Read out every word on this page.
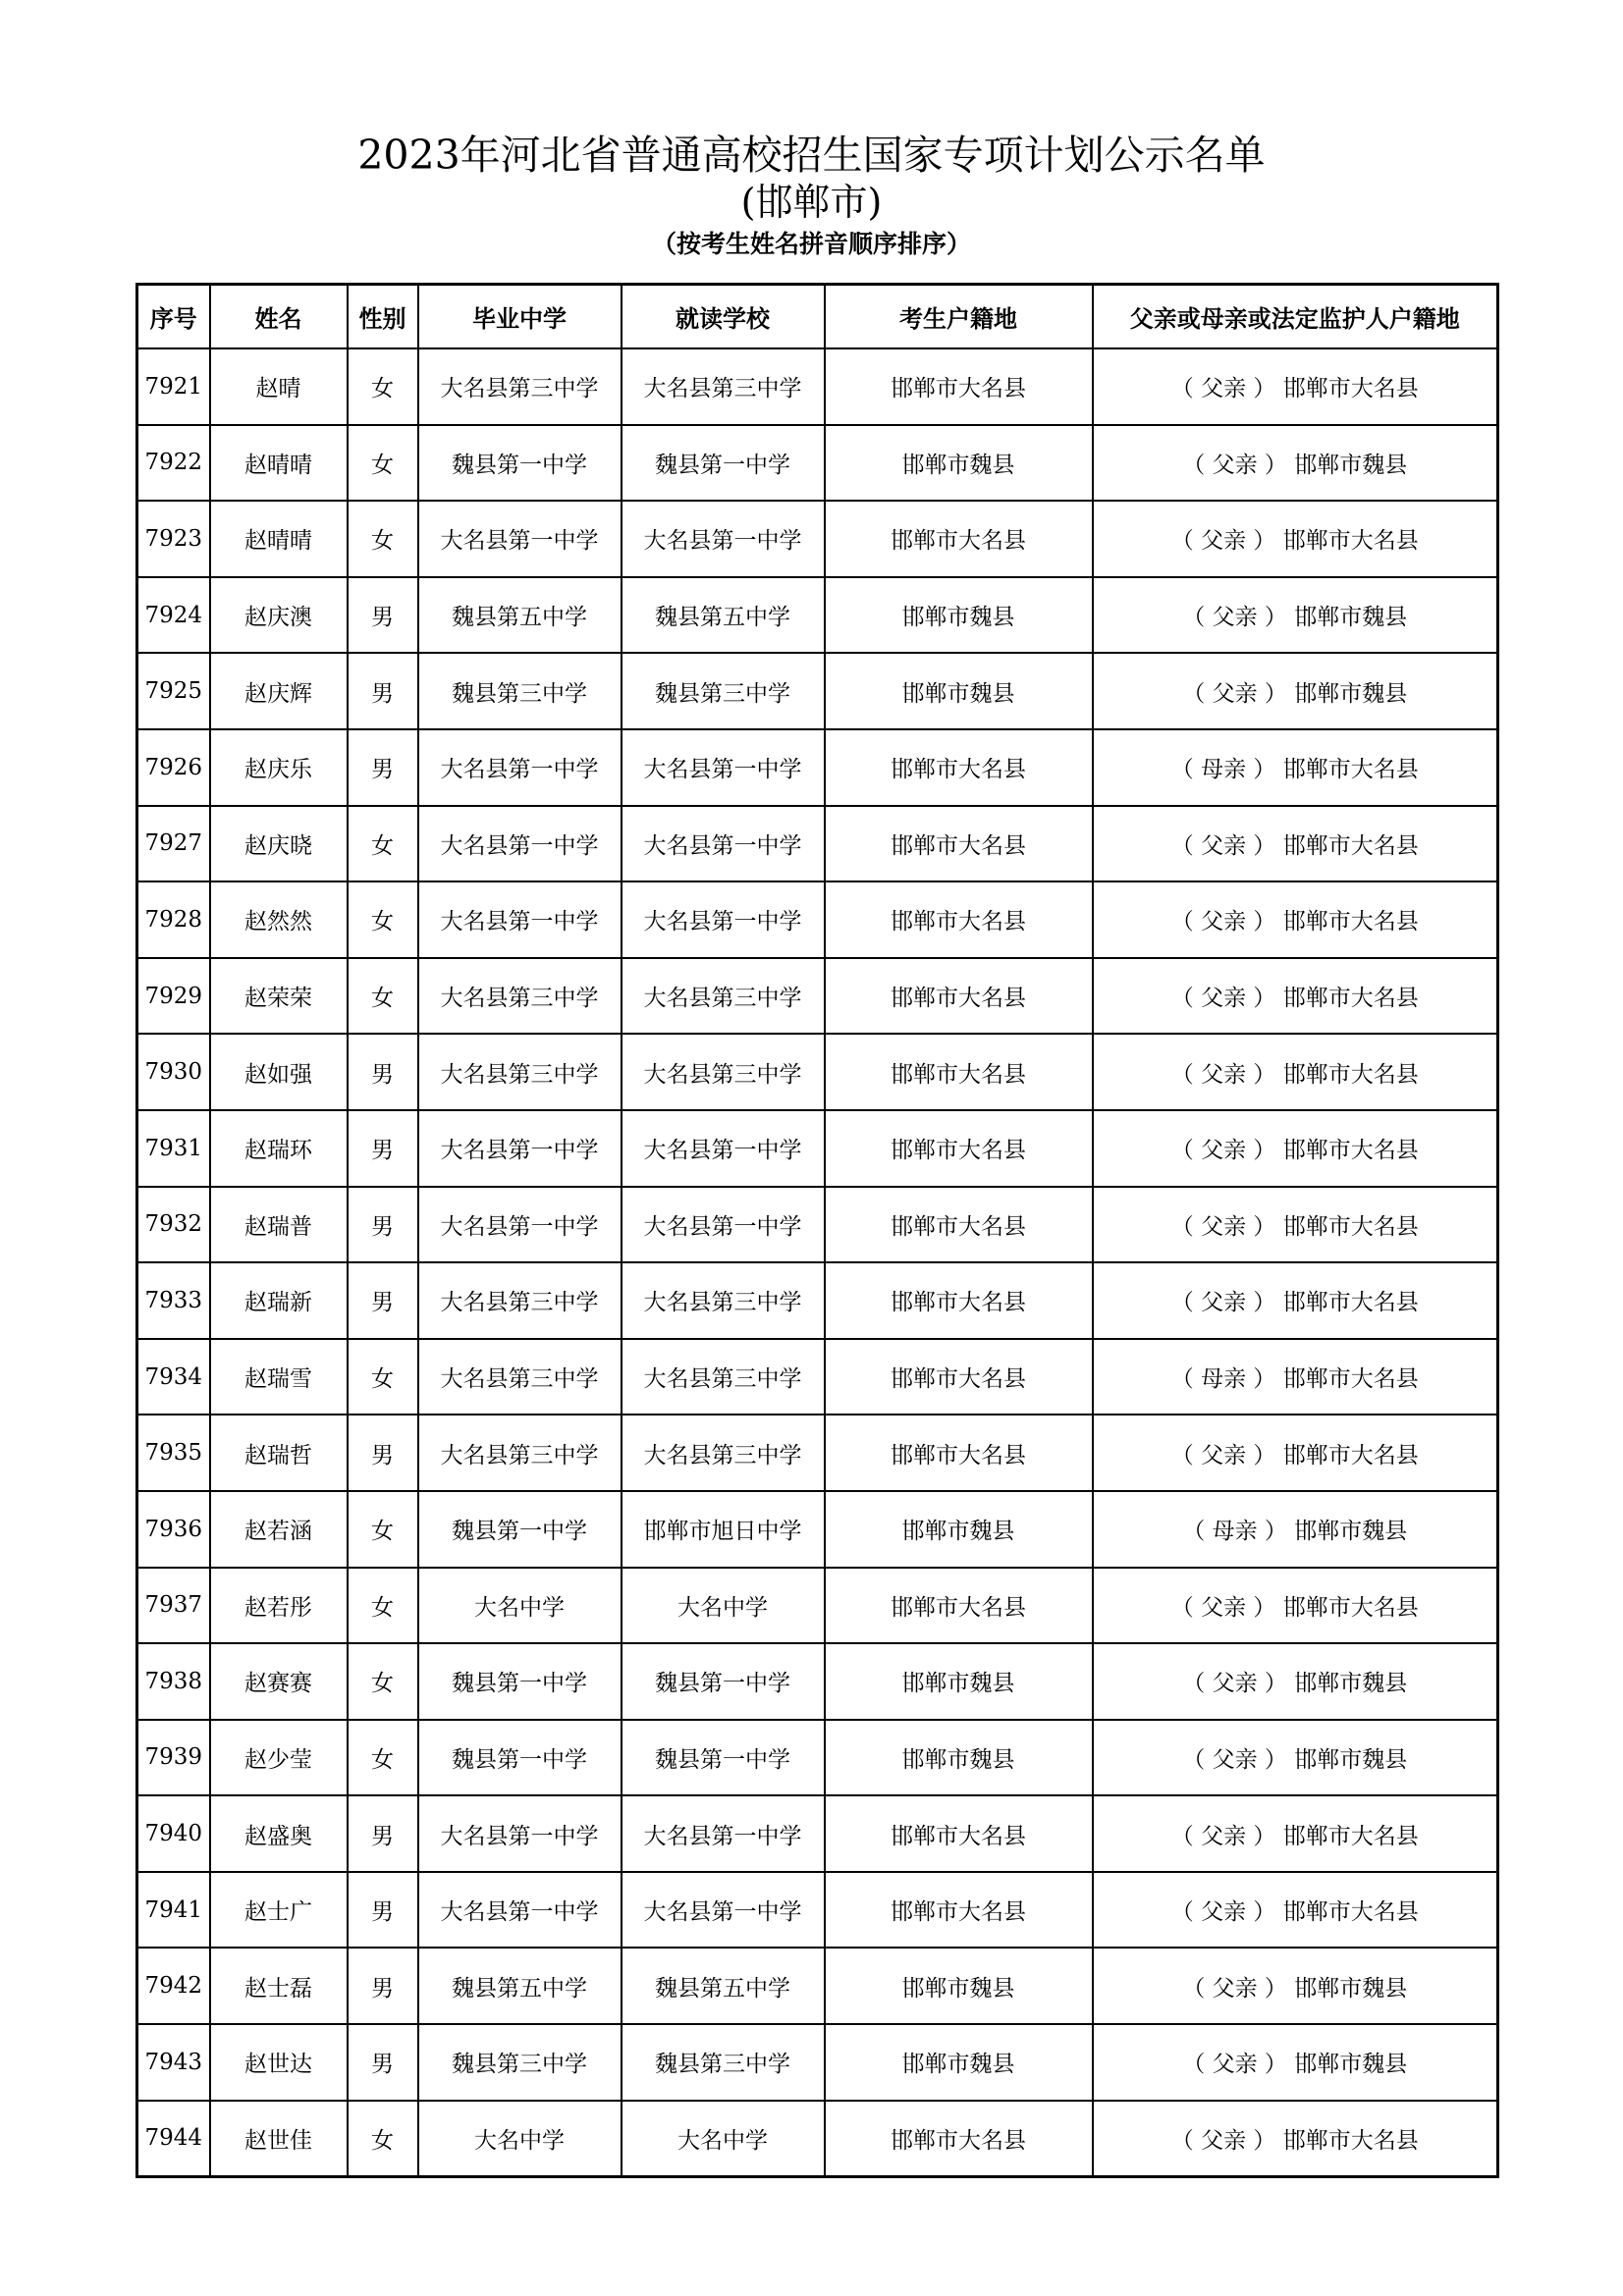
2023年河北省普通高校招生国家专项计划公示名单
(邯郸市)
（按考生姓名拼音顺序排序）
序号	姓名	性别	毕业中学	就读学校	考生户籍地	父亲或母亲或法定监护人户籍地
7921	赵晴	女	大名县第三中学	大名县第三中学	邯郸市大名县	（ 父亲 ） 邯郸市大名县
7922	赵晴晴	女	魏县第一中学	魏县第一中学	邯郸市魏县	（ 父亲 ） 邯郸市魏县
7923	赵晴晴	女	大名县第一中学	大名县第一中学	邯郸市大名县	（ 父亲 ） 邯郸市大名县
7924	赵庆澳	男	魏县第五中学	魏县第五中学	邯郸市魏县	（ 父亲 ） 邯郸市魏县
7925	赵庆辉	男	魏县第三中学	魏县第三中学	邯郸市魏县	（ 父亲 ） 邯郸市魏县
7926	赵庆乐	男	大名县第一中学	大名县第一中学	邯郸市大名县	（ 母亲 ） 邯郸市大名县
7927	赵庆晓	女	大名县第一中学	大名县第一中学	邯郸市大名县	（ 父亲 ） 邯郸市大名县
7928	赵然然	女	大名县第一中学	大名县第一中学	邯郸市大名县	（ 父亲 ） 邯郸市大名县
7929	赵荣荣	女	大名县第三中学	大名县第三中学	邯郸市大名县	（ 父亲 ） 邯郸市大名县
7930	赵如强	男	大名县第三中学	大名县第三中学	邯郸市大名县	（ 父亲 ） 邯郸市大名县
7931	赵瑞环	男	大名县第一中学	大名县第一中学	邯郸市大名县	（ 父亲 ） 邯郸市大名县
7932	赵瑞普	男	大名县第一中学	大名县第一中学	邯郸市大名县	（ 父亲 ） 邯郸市大名县
7933	赵瑞新	男	大名县第三中学	大名县第三中学	邯郸市大名县	（ 父亲 ） 邯郸市大名县
7934	赵瑞雪	女	大名县第三中学	大名县第三中学	邯郸市大名县	（ 母亲 ） 邯郸市大名县
7935	赵瑞哲	男	大名县第三中学	大名县第三中学	邯郸市大名县	（ 父亲 ） 邯郸市大名县
7936	赵若涵	女	魏县第一中学	邯郸市旭日中学	邯郸市魏县	（ 母亲 ） 邯郸市魏县
7937	赵若彤	女	大名中学	大名中学	邯郸市大名县	（ 父亲 ） 邯郸市大名县
7938	赵赛赛	女	魏县第一中学	魏县第一中学	邯郸市魏县	（ 父亲 ） 邯郸市魏县
7939	赵少莹	女	魏县第一中学	魏县第一中学	邯郸市魏县	（ 父亲 ） 邯郸市魏县
7940	赵盛奥	男	大名县第一中学	大名县第一中学	邯郸市大名县	（ 父亲 ） 邯郸市大名县
7941	赵士广	男	大名县第一中学	大名县第一中学	邯郸市大名县	（ 父亲 ） 邯郸市大名县
7942	赵士磊	男	魏县第五中学	魏县第五中学	邯郸市魏县	（ 父亲 ） 邯郸市魏县
7943	赵世达	男	魏县第三中学	魏县第三中学	邯郸市魏县	（ 父亲 ） 邯郸市魏县
7944	赵世佳	女	大名中学	大名中学	邯郸市大名县	（ 父亲 ） 邯郸市大名县
